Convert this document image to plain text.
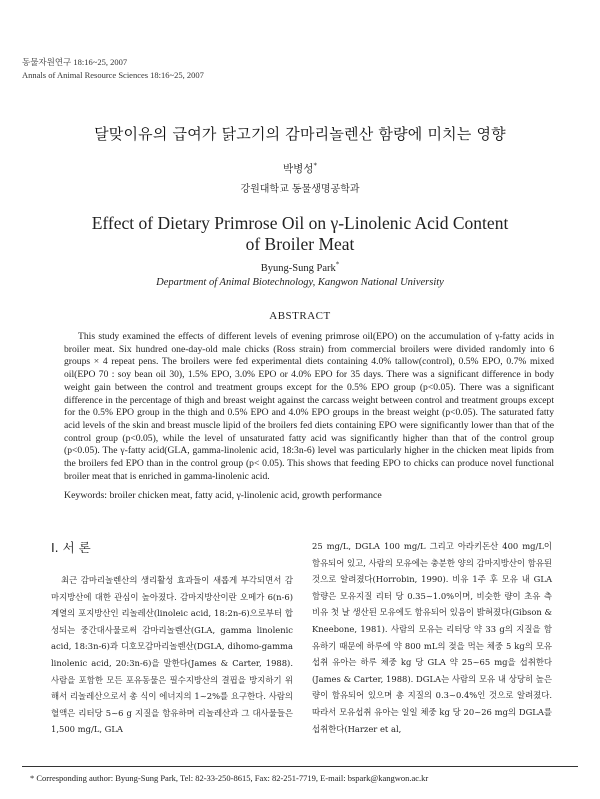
동물자원연구 18:16~25, 2007
Annals of Animal Resource Sciences 18:16~25, 2007
달맞이유의 급여가 닭고기의 감마리놀렌산 함량에 미치는 영향
박병성*
강원대학교 동물생명공학과
Effect of Dietary Primrose Oil on γ-Linolenic Acid Content
of Broiler Meat
Byung-Sung Park*
Department of Animal Biotechnology, Kangwon National University
ABSTRACT
This study examined the effects of different levels of evening primrose oil(EPO) on the accumulation of γ-fatty acids in broiler meat. Six hundred one-day-old male chicks (Ross strain) from commercial broilers were divided randomly into 6 groups × 4 repeat pens. The broilers were fed experimental diets containing 4.0% tallow(control), 0.5% EPO, 0.7% mixed oil(EPO 70 : soy bean oil 30), 1.5% EPO, 3.0% EPO or 4.0% EPO for 35 days. There was a significant difference in body weight gain between the control and treatment groups except for the 0.5% EPO group (p<0.05). There was a significant difference in the percentage of thigh and breast weight against the carcass weight between control and treatment groups except for the 0.5% EPO group in the thigh and 0.5% EPO and 4.0% EPO groups in the breast weight (p<0.05). The saturated fatty acid levels of the skin and breast muscle lipid of the broilers fed diets containing EPO were significantly lower than that of the control group (p<0.05), while the level of unsaturated fatty acid was significantly higher than that of the control group (p<0.05). The γ-fatty acid(GLA, gamma-linolenic acid, 18:3n-6) level was particularly higher in the chicken meat lipids from the broilers fed EPO than in the control group (p< 0.05). This shows that feeding EPO to chicks can produce novel functional broiler meat that is enriched in gamma-linolenic acid.
Keywords: broiler chicken meat, fatty acid, γ-linolenic acid, growth performance
Ⅰ. 서 론

최근 감마리놀렌산의 생리활성 효과들이 새롭게 부각되면서 감마지방산에 대한 관심이 높아졌다. 감마지방산이란 오메가 6(n-6) 계열의 포지방산인 리놀레산(linoleic acid, 18:2n-6)으로부터 합성되는 중간대사물로써 감마리놀렌산(GLA, gamma linolenic acid, 18:3n-6)과 디호모감마리놀렌산(DGLA, dihomo-gamma linolenic acid, 20:3n-6)을 말한다(James & Carter, 1988). 사람을 포함한 모든 포유동물은 필수지방산의 결핍을 방지하기 위해서 리놀레산으로서 총 식이 에너지의 1~2%를 요구한다. 사람의 혈액은 리터당 5~6 g 지질을 함유하며 리놀레산과 그 대사물들은 1,500 mg/L, GLA

25 mg/L, DGLA 100 mg/L 그리고 아라키돈산 400 mg/L이 함유되어 있고, 사람의 모유에는 충분한 양의 감마지방산이 함유된 것으로 알려졌다(Horrobin, 1990). 비유 1주 후 모유 내 GLA 함량은 모유지질 리터 당 0.35~1.0%이며, 비슷한 량이 초유 측 비유 첫 날 생산된 모유에도 함유되어 있음이 밝혀졌다(Gibson & Kneebone, 1981). 사람의 모유는 리터당 약 33 g의 지질을 함유하기 때문에 하루에 약 800 mL의 젖을 먹는 체중 5 kg의 모유섭취 유아는 하루 체중 kg 당 GLA 약 25~65 mg을 섭취한다(James & Carter, 1988). DGLA는 사람의 모유 내 상당히 높은 량이 함유되어 있으며 총 지질의 0.3~0.4%인 것으로 알려졌다. 따라서 모유섭취 유아는 일일 체중 kg 당 20~26 mg의 DGLA를 섭취한다(Harzer et al,

* Corresponding author: Byung-Sung Park, Tel: 82-33-250-8615, Fax: 82-251-7719, E-mail: bspark@kangwon.ac.kr
